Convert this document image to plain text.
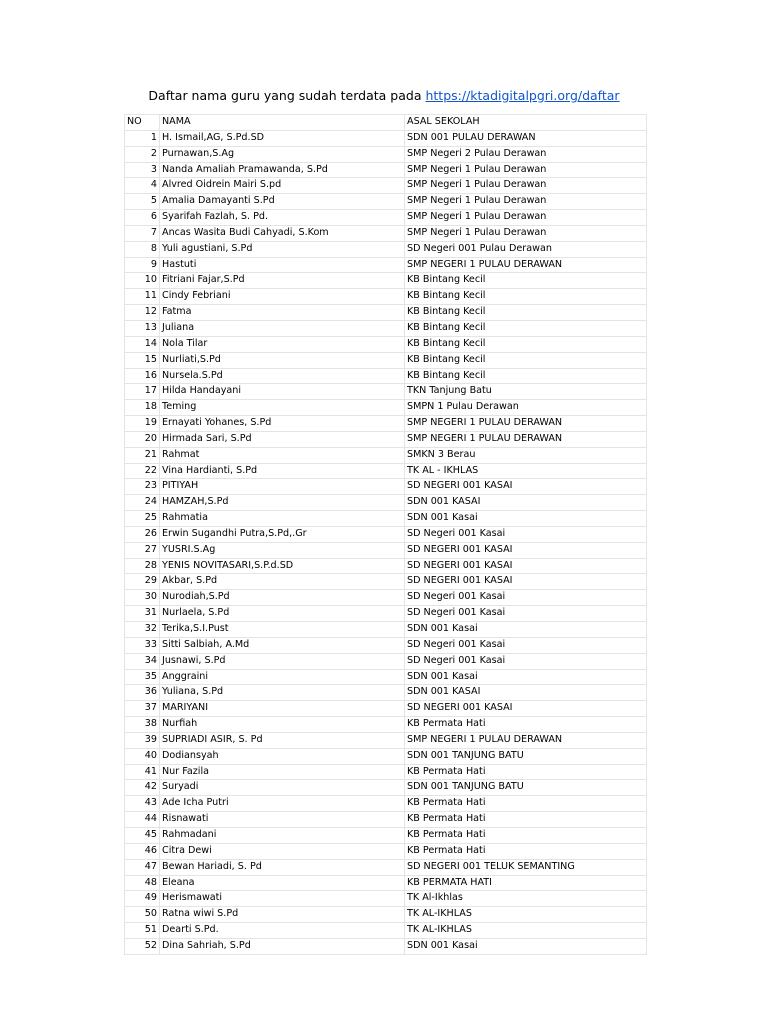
Daftar nama guru yang sudah terdata pada https://ktadigitalpgri.org/daftar
NO	NAMA	ASAL SEKOLAH
1	H. Ismail,AG, S.Pd.SD	SDN 001 PULAU DERAWAN
2	Purnawan,S.Ag	SMP Negeri 2 Pulau Derawan
3	Nanda Amaliah Pramawanda, S.Pd	SMP Negeri 1 Pulau Derawan
4	Alvred Oidrein Mairi S.pd	SMP Negeri 1 Pulau Derawan
5	Amalia Damayanti S.Pd	SMP Negeri 1 Pulau Derawan
6	Syarifah Fazlah, S. Pd.	SMP Negeri 1 Pulau Derawan
7	Ancas Wasita Budi Cahyadi, S.Kom	SMP Negeri 1 Pulau Derawan
8	Yuli agustiani, S.Pd	SD Negeri 001 Pulau Derawan
9	Hastuti	SMP NEGERI 1 PULAU DERAWAN
10	Fitriani Fajar,S.Pd	KB Bintang Kecil
11	Cindy Febriani	KB Bintang Kecil
12	Fatma	KB Bintang Kecil
13	Juliana	KB Bintang Kecil
14	Nola Tilar	KB Bintang Kecil
15	Nurliati,S.Pd	KB Bintang Kecil
16	Nursela.S.Pd	KB Bintang Kecil
17	Hilda Handayani	TKN Tanjung Batu
18	Teming	SMPN 1 Pulau Derawan
19	Ernayati Yohanes, S.Pd	SMP NEGERI 1 PULAU DERAWAN
20	Hirmada Sari, S.Pd	SMP NEGERI 1 PULAU DERAWAN
21	Rahmat	SMKN 3 Berau
22	Vina Hardianti, S.Pd	TK AL - IKHLAS
23	PITIYAH	SD NEGERI 001 KASAI
24	HAMZAH,S.Pd	SDN 001 KASAI
25	Rahmatia	SDN 001 Kasai
26	Erwin Sugandhi Putra,S.Pd,.Gr	SD Negeri 001 Kasai
27	YUSRI.S.Ag	SD NEGERI 001 KASAI
28	YENIS NOVITASARI,S.P.d.SD	SD NEGERI 001 KASAI
29	Akbar, S.Pd	SD NEGERI 001 KASAI
30	Nurodiah,S.Pd	SD Negeri 001 Kasai
31	Nurlaela, S.Pd	SD Negeri 001 Kasai
32	Terika,S.I.Pust	SDN 001 Kasai
33	Sitti Salbiah, A.Md	SD Negeri 001 Kasai
34	Jusnawi, S.Pd	SD Negeri 001 Kasai
35	Anggraini	SDN 001 Kasai
36	Yuliana, S.Pd	SDN 001 KASAI
37	MARIYANI	SD NEGERI 001 KASAI
38	Nurfiah	KB Permata Hati
39	SUPRIADI ASIR, S. Pd	SMP NEGERI 1 PULAU DERAWAN
40	Dodiansyah	SDN 001 TANJUNG BATU
41	Nur Fazila	KB Permata Hati
42	Suryadi	SDN 001 TANJUNG BATU
43	Ade Icha Putri	KB Permata Hati
44	Risnawati	KB Permata Hati
45	Rahmadani	KB Permata Hati
46	Citra Dewi	KB Permata Hati
47	Bewan Hariadi, S. Pd	SD NEGERI 001 TELUK SEMANTING
48	Eleana	KB PERMATA HATI
49	Herismawati	TK Al-Ikhlas
50	Ratna wiwi S.Pd	TK AL-IKHLAS
51	Dearti S.Pd.	TK AL-IKHLAS
52	Dina Sahriah, S.Pd	SDN 001 Kasai
